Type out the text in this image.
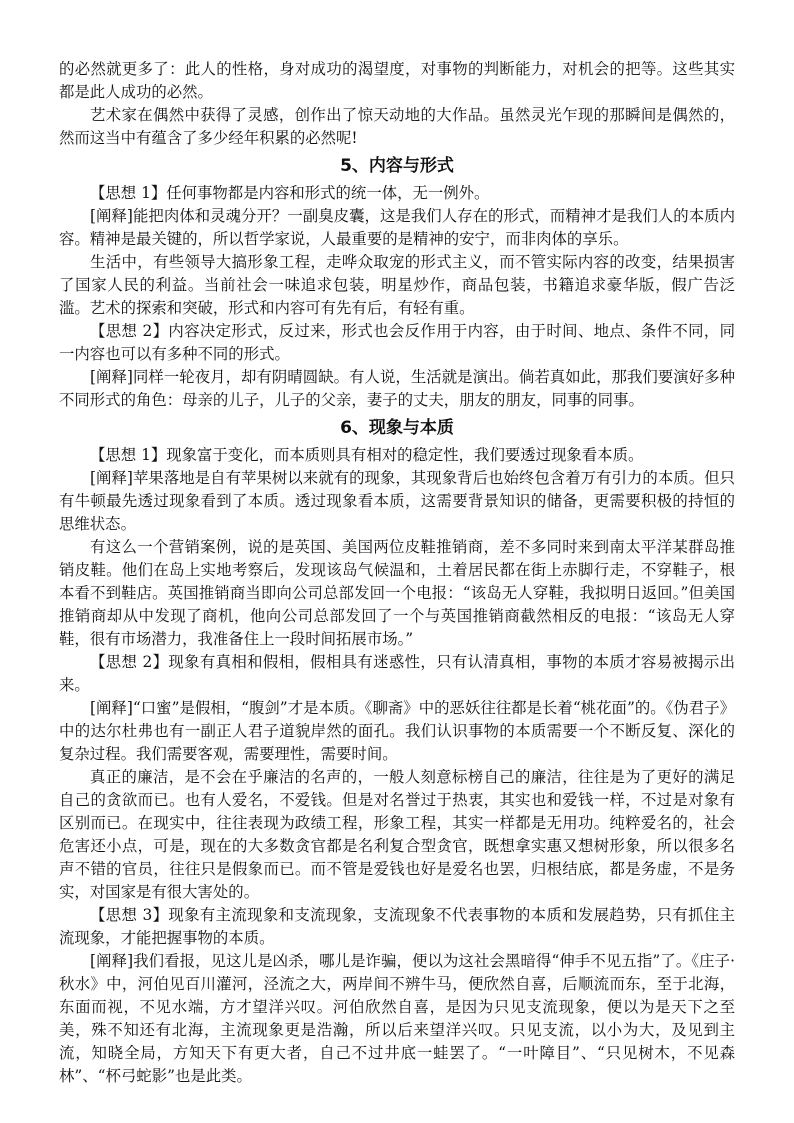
的必然就更多了：此人的性格，身对成功的渴望度，对事物的判断能力，对机会的把等。这些其实都是此人成功的必然。

艺术家在偶然中获得了灵感，创作出了惊天动地的大作品。虽然灵光乍现的那瞬间是偶然的，然而这当中有蕴含了多少经年积累的必然呢!

5、内容与形式

【思想 1】任何事物都是内容和形式的统一体，无一例外。

[阐释]能把肉体和灵魂分开？一副臭皮囊，这是我们人存在的形式，而精神才是我们人的本质内容。精神是最关键的，所以哲学家说，人最重要的是精神的安宁，而非肉体的享乐。

生活中，有些领导大搞形象工程，走哗众取宠的形式主义，而不管实际内容的改变，结果损害了国家人民的利益。当前社会一味追求包装，明星炒作，商品包装，书籍追求豪华版，假广告泛滥。艺术的探索和突破，形式和内容可有先有后，有轻有重。

【思想 2】内容决定形式，反过来，形式也会反作用于内容，由于时间、地点、条件不同，同一内容也可以有多种不同的形式。

[阐释]同样一轮夜月，却有阴晴圆缺。有人说，生活就是演出。倘若真如此，那我们要演好多种不同形式的角色：母亲的儿子，儿子的父亲，妻子的丈夫，朋友的朋友，同事的同事。

6、现象与本质

【思想 1】现象富于变化，而本质则具有相对的稳定性，我们要透过现象看本质。

[阐释]苹果落地是自有苹果树以来就有的现象，其现象背后也始终包含着万有引力的本质。但只有牛顿最先透过现象看到了本质。透过现象看本质，这需要背景知识的储备，更需要积极的持恒的思维状态。

有这么一个营销案例，说的是英国、美国两位皮鞋推销商，差不多同时来到南太平洋某群岛推销皮鞋。他们在岛上实地考察后，发现该岛气候温和，土着居民都在街上赤脚行走，不穿鞋子，根本看不到鞋店。英国推销商当即向公司总部发回一个电报：“该岛无人穿鞋，我拟明日返回。”但美国推销商却从中发现了商机，他向公司总部发回了一个与英国推销商截然相反的电报：“该岛无人穿鞋，很有市场潜力，我准备住上一段时间拓展市场。”

【思想 2】现象有真相和假相，假相具有迷惑性，只有认清真相，事物的本质才容易被揭示出来。

[阐释]“口蜜”是假相，“腹剑”才是本质。《聊斋》中的恶妖往往都是长着“桃花面”的。《伪君子》中的达尔杜弗也有一副正人君子道貌岸然的面孔。我们认识事物的本质需要一个不断反复、深化的复杂过程。我们需要客观，需要理性，需要时间。

真正的廉洁，是不会在乎廉洁的名声的，一般人刻意标榜自己的廉洁，往往是为了更好的满足自己的贪欲而已。也有人爱名，不爱钱。但是对名誉过于热衷，其实也和爱钱一样，不过是对象有区别而已。在现实中，往往表现为政绩工程，形象工程，其实一样都是无用功。纯粹爱名的，社会危害还小点，可是，现在的大多数贪官都是名利复合型贪官，既想拿实惠又想树形象，所以很多名声不错的官员，往往只是假象而已。而不管是爱钱也好是爱名也罢，归根结底，都是务虚，不是务实，对国家是有很大害处的。

【思想 3】现象有主流现象和支流现象，支流现象不代表事物的本质和发展趋势，只有抓住主流现象，才能把握事物的本质。

[阐释]我们看报，见这儿是凶杀，哪儿是诈骗，便以为这社会黑暗得“伸手不见五指”了。《庄子·秋水》中，河伯见百川灌河，泾流之大，两岸间不辨牛马，便欣然自喜，后顺流而东，至于北海，东面而视，不见水端，方才望洋兴叹。河伯欣然自喜，是因为只见支流现象，便以为是天下之至美，殊不知还有北海，主流现象更是浩瀚，所以后来望洋兴叹。只见支流，以小为大，及见到主流，知晓全局，方知天下有更大者，自己不过井底一蛙罢了。“一叶障目”、“只见树木，不见森林”、“杯弓蛇影”也是此类。
